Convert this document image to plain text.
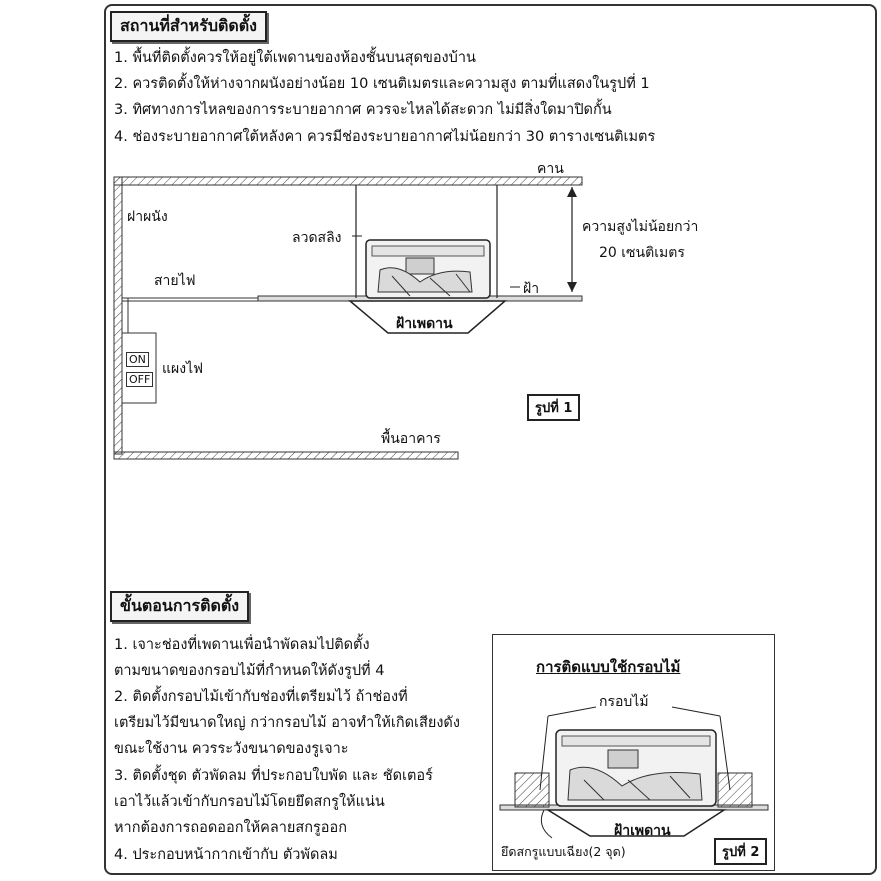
สถานที่สำหรับติดตั้ง
1. พื้นที่ติดตั้งควรให้อยู่ใต้เพดานของห้องชั้นบนสุดของบ้าน
2. ควรติดตั้งให้ห่างจากผนังอย่างน้อย 10 เซนติเมตรและความสูง ตามที่แสดงในรูปที่ 1
3. ทิศทางการไหลของการระบายอากาศ ควรจะไหลได้สะดวก ไม่มีสิ่งใดมาปิดกั้น
4. ช่องระบายอากาศใต้หลังคา ควรมีช่องระบายอากาศไม่น้อยกว่า 30 ตารางเซนติเมตร
คาน
ฝาผนัง
ลวดสลิง
ความสูงไม่น้อยกว่า
20 เซนติเมตร
สายไฟ	ฝ้า
ฝ้าเพดาน
ON
OFF
แผงไฟ
รูปที่ 1
พื้นอาคาร
ขั้นตอนการติดตั้ง
1. เจาะช่องที่เพดานเพื่อนำพัดลมไปติดตั้ง
ตามขนาดของกรอบไม้ที่กำหนดให้ดังรูปที่ 4
2. ติดตั้งกรอบไม้เข้ากับช่องที่เตรียมไว้ ถ้าช่องที่
เตรียมไว้มีขนาดใหญ่ กว่ากรอบไม้ อาจทำให้เกิดเสียงดัง
ขณะใช้งาน ควรระวังขนาดของรูเจาะ
3. ติดตั้งชุด ตัวพัดลม ที่ประกอบใบพัด และ ชัดเตอร์
เอาไว้แล้วเข้ากับกรอบไม้โดยยึดสกรูให้แน่น
หากต้องการถอดออกให้คลายสกรูออก
4. ประกอบหน้ากากเข้ากับ ตัวพัดลม
การติดแบบใช้กรอบไม้
กรอบไม้
ฝ้าเพดาน
ยึดสกรูแบบเฉียง(2 จุด)	รูปที่ 2
